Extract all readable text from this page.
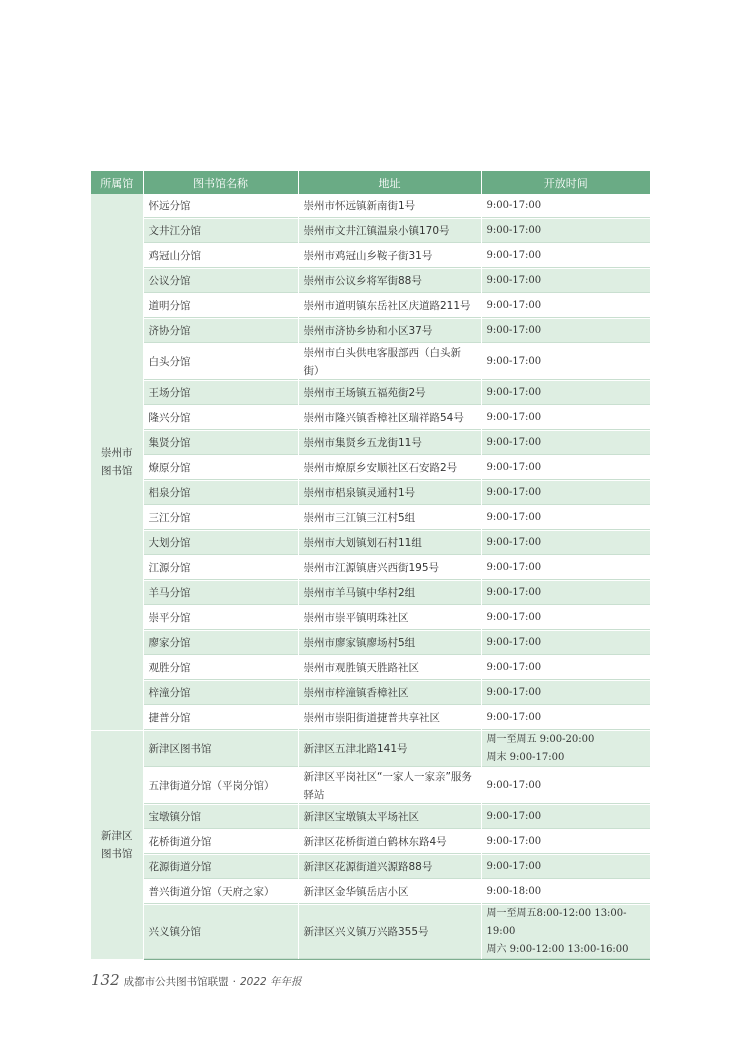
所属馆	图书馆名称	地址	开放时间
崇州市
图书馆	怀远分馆	崇州市怀远镇新南街1号	9:00-17:00
	文井江分馆	崇州市文井江镇温泉小镇170号	9:00-17:00
	鸡冠山分馆	崇州市鸡冠山乡鞍子街31号	9:00-17:00
	公议分馆	崇州市公议乡将军街88号	9:00-17:00
	道明分馆	崇州市道明镇东岳社区庆道路211号	9:00-17:00
	济协分馆	崇州市济协乡协和小区37号	9:00-17:00
	白头分馆	崇州市白头供电客服部西（白头新街）	9:00-17:00
	王场分馆	崇州市王场镇五福苑街2号	9:00-17:00
	隆兴分馆	崇州市隆兴镇香樟社区瑞祥路54号	9:00-17:00
	集贤分馆	崇州市集贤乡五龙街11号	9:00-17:00
	燎原分馆	崇州市燎原乡安顺社区石安路2号	9:00-17:00
	梠泉分馆	崇州市梠泉镇灵通村1号	9:00-17:00
	三江分馆	崇州市三江镇三江村5组	9:00-17:00
	大划分馆	崇州市大划镇划石村11组	9:00-17:00
	江源分馆	崇州市江源镇唐兴西街195号	9:00-17:00
	羊马分馆	崇州市羊马镇中华村2组	9:00-17:00
	崇平分馆	崇州市崇平镇明珠社区	9:00-17:00
	廖家分馆	崇州市廖家镇廖场村5组	9:00-17:00
	观胜分馆	崇州市观胜镇天胜路社区	9:00-17:00
	梓潼分馆	崇州市梓潼镇香樟社区	9:00-17:00
	捷普分馆	崇州市崇阳街道捷普共享社区	9:00-17:00
新津区
图书馆	新津区图书馆	新津区五津北路141号	周一至周五 9:00-20:00
周末 9:00-17:00
	五津街道分馆（平岗分馆）	新津区平岗社区“一家人一家亲”服务驿站	9:00-17:00
	宝墩镇分馆	新津区宝墩镇太平场社区	9:00-17:00
	花桥街道分馆	新津区花桥街道白鹤林东路4号	9:00-17:00
	花源街道分馆	新津区花源街道兴源路88号	9:00-17:00
	普兴街道分馆（天府之家）	新津区金华镇岳店小区	9:00-18:00
	兴义镇分馆	新津区兴义镇万兴路355号	周一至周五8:00-12:00 13:00-19:00
周六 9:00-12:00 13:00-16:00
132 成都市公共图书馆联盟 · 2022 年年报
